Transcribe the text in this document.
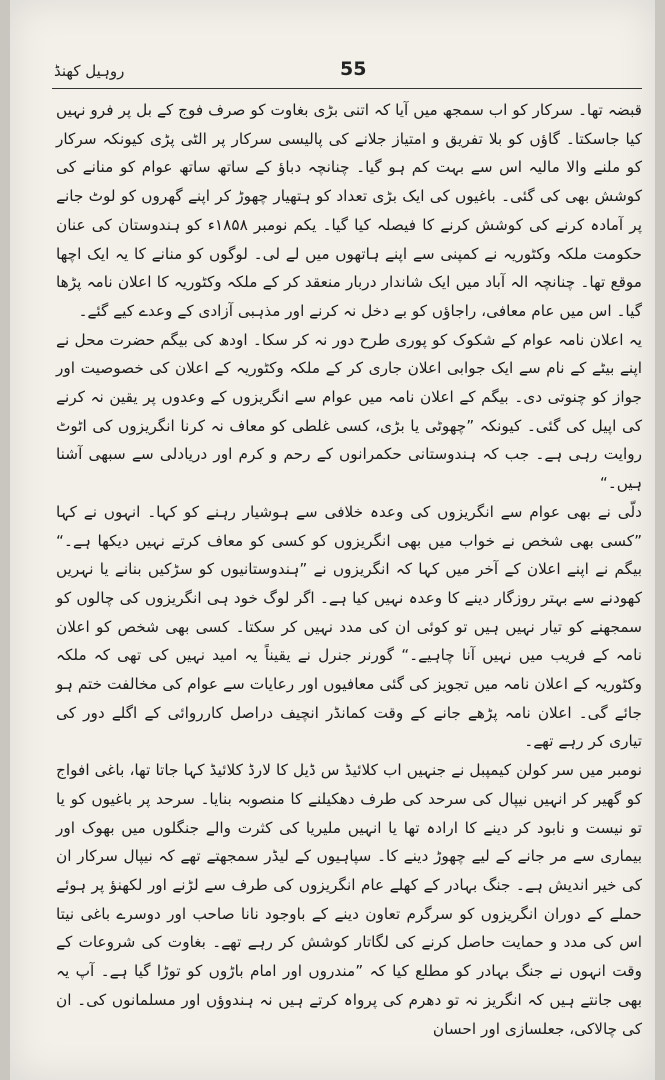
روہیل کھنڈ	55

قبضہ تھا۔ سرکار کو اب سمجھ میں آیا کہ اتنی بڑی بغاوت کو صرف فوج کے بل پر فرو نہیں کیا جاسکتا۔ گاؤں کو بلا تفریق و امتیاز جلانے کی پالیسی سرکار پر الٹی پڑی کیونکہ سرکار کو ملنے والا مالیہ اس سے بہت کم ہو گیا۔ چنانچہ دباؤ کے ساتھ ساتھ عوام کو منانے کی کوشش بھی کی گئی۔ باغیوں کی ایک بڑی تعداد کو ہتھیار چھوڑ کر اپنے گھروں کو لوٹ جانے پر آمادہ کرنے کی کوشش کرنے کا فیصلہ کیا گیا۔ یکم نومبر ۱۸۵۸ء کو ہندوستان کی عنان حکومت ملکہ وکٹوریہ نے کمپنی سے اپنے ہاتھوں میں لے لی۔ لوگوں کو منانے کا یہ ایک اچھا موقع تھا۔ چنانچہ الہ آباد میں ایک شاندار دربار منعقد کر کے ملکہ وکٹوریہ کا اعلان نامہ پڑھا گیا۔ اس میں عام معافی، راجاؤں کو بے دخل نہ کرنے اور مذہبی آزادی کے وعدے کیے گئے۔

یہ اعلان نامہ عوام کے شکوک کو پوری طرح دور نہ کر سکا۔ اودھ کی بیگم حضرت محل نے اپنے بیٹے کے نام سے ایک جوابی اعلان جاری کر کے ملکہ وکٹوریہ کے اعلان کی خصوصیت اور جواز کو چنوتی دی۔ بیگم کے اعلان نامہ میں عوام سے انگریزوں کے وعدوں پر یقین نہ کرنے کی اپیل کی گئی۔ کیونکہ ”چھوٹی یا بڑی، کسی غلطی کو معاف نہ کرنا انگریزوں کی اٹوٹ روایت رہی ہے۔ جب کہ ہندوستانی حکمرانوں کے رحم و کرم اور دریادلی سے سبھی آشنا ہیں۔“

دلّی نے بھی عوام سے انگریزوں کی وعدہ خلافی سے ہوشیار رہنے کو کہا۔ انہوں نے کہا ”کسی بھی شخص نے خواب میں بھی انگریزوں کو کسی کو معاف کرتے نہیں دیکھا ہے۔“ بیگم نے اپنے اعلان کے آخر میں کہا کہ انگریزوں نے ”ہندوستانیوں کو سڑکیں بنانے یا نہریں کھودنے سے بہتر روزگار دینے کا وعدہ نہیں کیا ہے۔ اگر لوگ خود ہی انگریزوں کی چالوں کو سمجھنے کو تیار نہیں ہیں تو کوئی ان کی مدد نہیں کر سکتا۔ کسی بھی شخص کو اعلان نامہ کے فریب میں نہیں آنا چاہیے۔“ گورنر جنرل نے یقیناً یہ امید نہیں کی تھی کہ ملکہ وکٹوریہ کے اعلان نامہ میں تجویز کی گئی معافیوں اور رعایات سے عوام کی مخالفت ختم ہو جائے گی۔ اعلان نامہ پڑھے جانے کے وقت کمانڈر انچیف دراصل کارروائی کے اگلے دور کی تیاری کر رہے تھے۔

نومبر میں سر کولن کیمپبل نے جنہیں اب کلائیڈ س ڈیل کا لارڈ کلائیڈ کہا جاتا تھا، باغی افواج کو گھیر کر انہیں نیپال کی سرحد کی طرف دھکیلنے کا منصوبہ بنایا۔ سرحد پر باغیوں کو یا تو نیست و نابود کر دینے کا ارادہ تھا یا انہیں ملیریا کی کثرت والے جنگلوں میں بھوک اور بیماری سے مر جانے کے لیے چھوڑ دینے کا۔ سپاہیوں کے لیڈر سمجھتے تھے کہ نیپال سرکار ان کی خیر اندیش ہے۔ جنگ بہادر کے کھلے عام انگریزوں کی طرف سے لڑنے اور لکھنؤ پر ہوئے حملے کے دوران انگریزوں کو سرگرم تعاون دینے کے باوجود نانا صاحب اور دوسرے باغی نیتا اس کی مدد و حمایت حاصل کرنے کی لگاتار کوشش کر رہے تھے۔ بغاوت کی شروعات کے وقت انہوں نے جنگ بہادر کو مطلع کیا کہ ”مندروں اور امام باڑوں کو توڑا گیا ہے۔ آپ یہ بھی جانتے ہیں کہ انگریز نہ تو دھرم کی پرواہ کرتے ہیں نہ ہندوؤں اور مسلمانوں کی۔ ان کی چالاکی، جعلسازی اور احسان
